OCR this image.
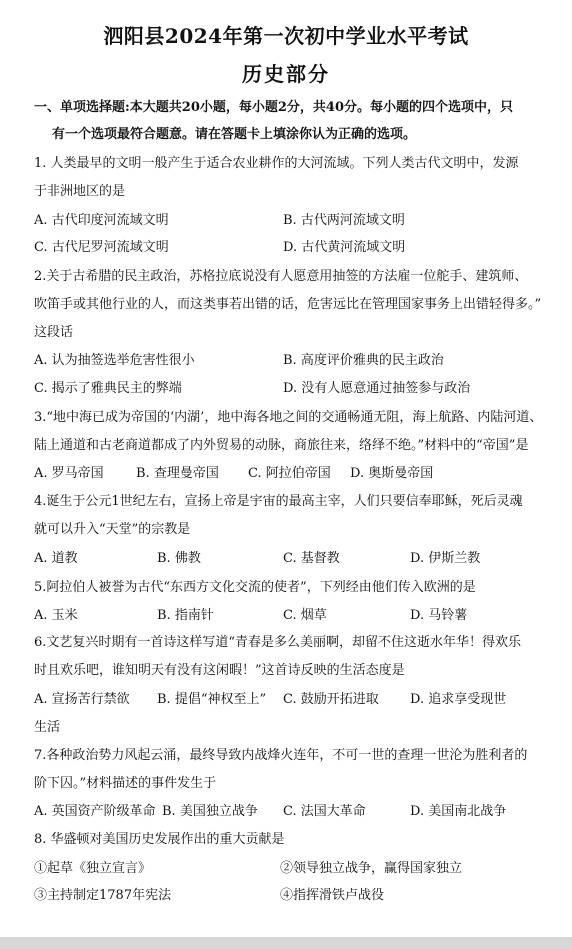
泗阳县2024年第一次初中学业水平考试
历史部分
一、单项选择题:本大题共20小题，每小题2分，共40分。每小题的四个选项中，只
有一个选项最符合题意。请在答题卡上填涂你认为正确的选项。
1. 人类最早的文明一般产生于适合农业耕作的大河流域。下列人类古代文明中，发源
于非洲地区的是
A. 古代印度河流域文明	B. 古代两河流域文明
C. 古代尼罗河流域文明	D. 古代黄河流域文明
2.关于古希腊的民主政治，苏格拉底说没有人愿意用抽签的方法雇一位舵手、建筑师、
吹笛手或其他行业的人，而这类事若出错的话，危害远比在管理国家事务上出错轻得多。”
这段话
A. 认为抽签选举危害性很小	B. 高度评价雅典的民主政治
C. 揭示了雅典民主的弊端	D. 没有人愿意通过抽签参与政治
3.“地中海已成为帝国的‘内湖’，地中海各地之间的交通畅通无阻，海上航路、内陆河道、
陆上通道和古老商道都成了内外贸易的动脉，商旅往来，络绎不绝。”材料中的“帝国”是
A. 罗马帝国 B. 查理曼帝国 C. 阿拉伯帝国 D. 奥斯曼帝国
4.诞生于公元1世纪左右，宣扬上帝是宇宙的最高主宰，人们只要信奉耶稣，死后灵魂
就可以升入“天堂”的宗教是
A. 道教	B. 佛教	C. 基督教	D. 伊斯兰教
5.阿拉伯人被誉为古代“东西方文化交流的使者”，下列经由他们传入欧洲的是
A. 玉米	B. 指南针	C. 烟草	D. 马铃薯
6.文艺复兴时期有一首诗这样写道“青春是多么美丽啊，却留不住这逝水年华！得欢乐
时且欢乐吧，谁知明天有没有这闲暇！”这首诗反映的生活态度是
A. 宣扬苦行禁欲 B. 提倡“神权至上” C. 鼓励开拓进取 D. 追求享受现世
生活
7.各种政治势力风起云涌，最终导致内战烽火连年，不可一世的查理一世沦为胜利者的
阶下囚。”材料描述的事件发生于
A. 英国资产阶级革命 B. 美国独立战争 C. 法国大革命	D. 美国南北战争
8. 华盛顿对美国历史发展作出的重大贡献是
①起草《独立宣言》	②领导独立战争，赢得国家独立
③主持制定1787年宪法	④指挥滑铁卢战役
